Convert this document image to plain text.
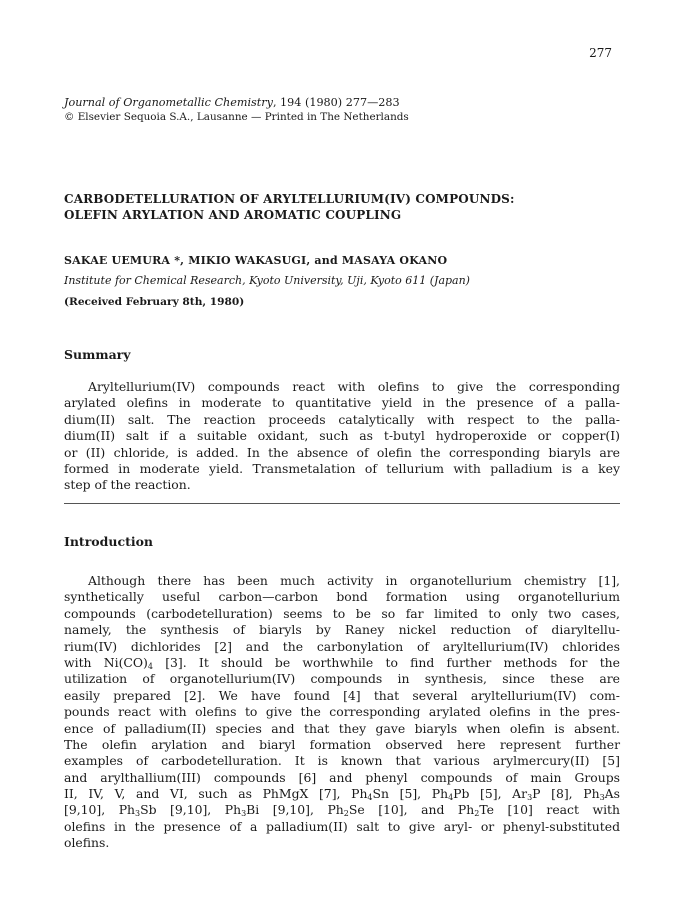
277
Journal of Organometallic Chemistry, 194 (1980) 277—283
© Elsevier Sequoia S.A., Lausanne — Printed in The Netherlands
CARBODETELLURATION OF ARYLTELLURIUM(IV) COMPOUNDS:
OLEFIN ARYLATION AND AROMATIC COUPLING
SAKAE UEMURA *, MIKIO WAKASUGI, and MASAYA OKANO
Institute for Chemical Research, Kyoto University, Uji, Kyoto 611 (Japan)
(Received February 8th, 1980)
Summary
Aryltellurium(IV) compounds react with olefins to give the corresponding
arylated olefins in moderate to quantitative yield in the presence of a palla-
dium(II) salt. The reaction proceeds catalytically with respect to the palla-
dium(II) salt if a suitable oxidant, such as t-butyl hydroperoxide or copper(I)
or (II) chloride, is added. In the absence of olefin the corresponding biaryls are
formed in moderate yield. Transmetalation of tellurium with palladium is a key
step of the reaction.
Introduction
Although there has been much activity in organotellurium chemistry [1],
synthetically useful carbon—carbon bond formation using organotellurium
compounds (carbodetelluration) seems to be so far limited to only two cases,
namely, the synthesis of biaryls by Raney nickel reduction of diaryltellu-
rium(IV) dichlorides [2] and the carbonylation of aryltellurium(IV) chlorides
with $Ni(CO)_4$ [3]. It should be worthwhile to find further methods for the
utilization of organotellurium(IV) compounds in synthesis, since these are
easily prepared [2]. We have found [4] that several aryltellurium(IV) com-
pounds react with olefins to give the corresponding arylated olefins in the pres-
ence of palladium(II) species and that they gave biaryls when olefin is absent.
The olefin arylation and biaryl formation observed here represent further
examples of carbodetelluration. It is known that various arylmercury(II) [5]
and arylthallium(III) compounds [6] and phenyl compounds of main Groups
II, IV, V, and VI, such as PhMgX [7], $Ph_4Sn$ [5], $Ph_4Pb$ [5], $Ar_3P$ [8], $Ph_3As$
[9,10], $Ph_3Sb$ [9,10], $Ph_3Bi$ [9,10], $Ph_2Se$ [10], and $Ph_2Te$ [10] react with
olefins in the presence of a palladium(II) salt to give aryl- or phenyl-substituted
olefins.
